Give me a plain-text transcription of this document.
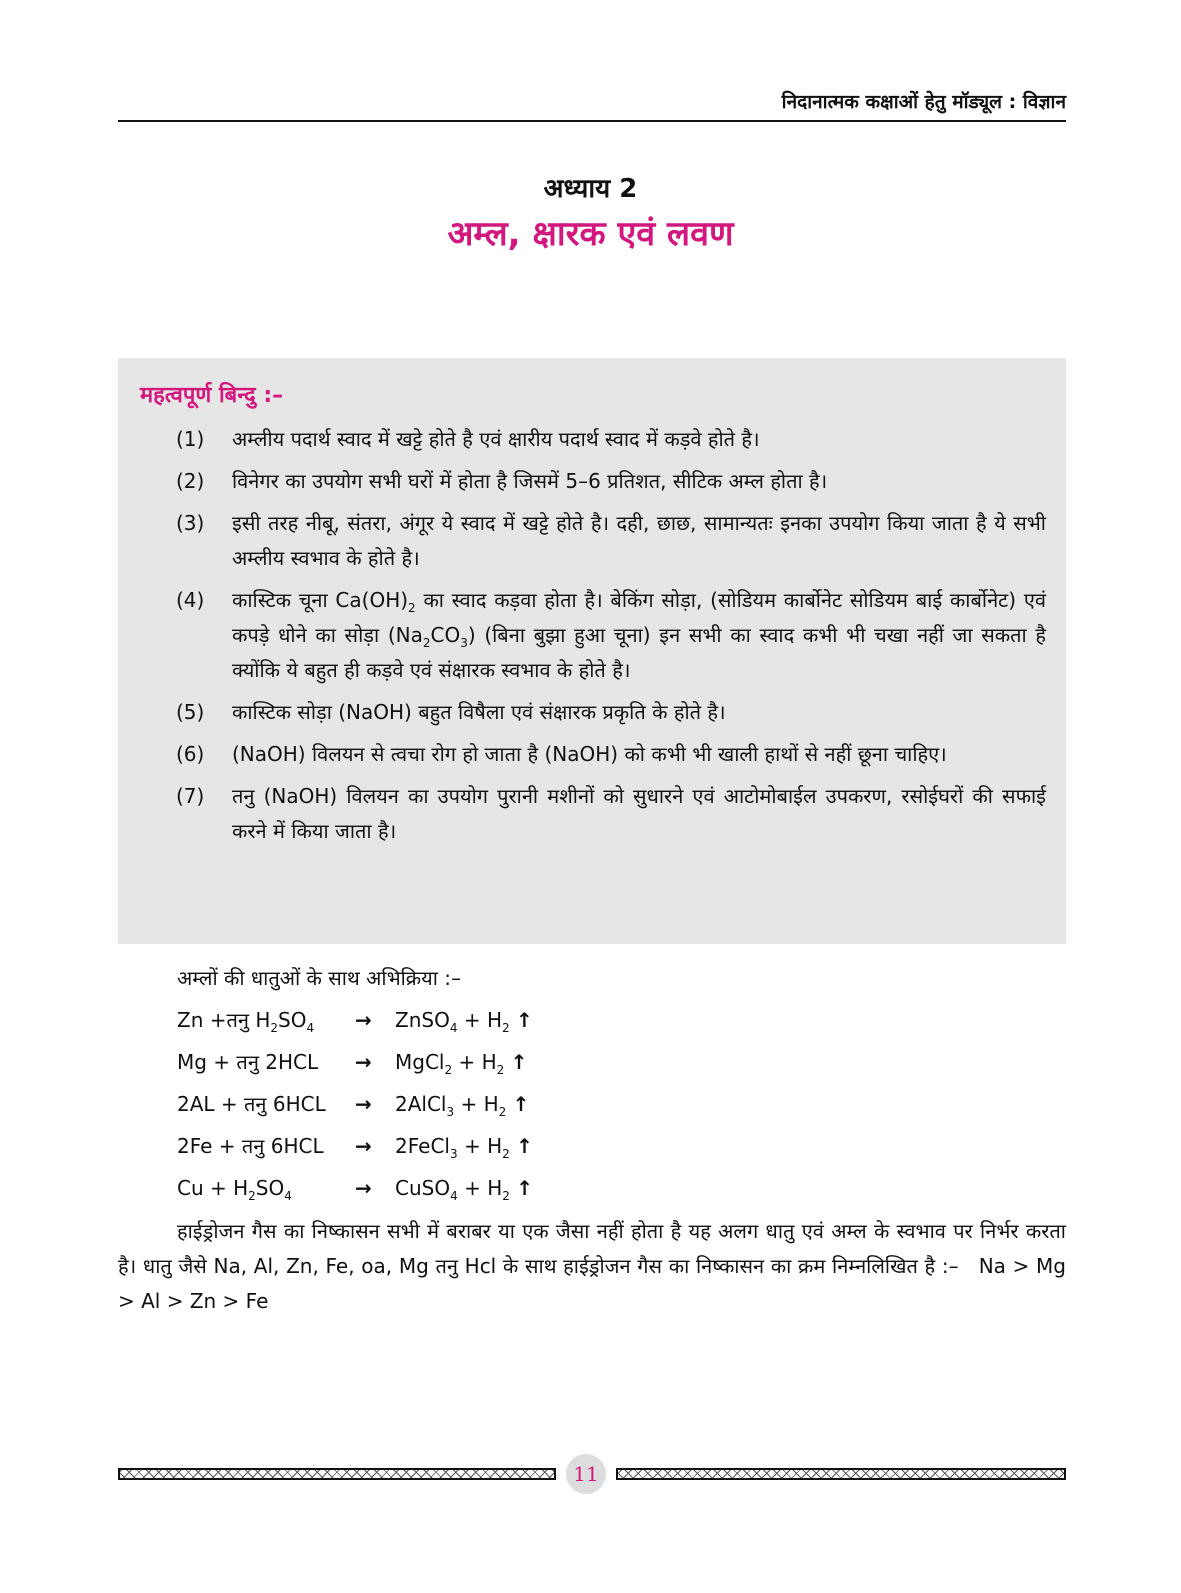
निदानात्मक कक्षाओं हेतु मॉड्यूल : विज्ञान
अध्याय 2
अम्ल, क्षारक एवं लवण
महत्वपूर्ण बिन्दु :–
(1)	अम्लीय पदार्थ स्वाद में खट्टे होते है एवं क्षारीय पदार्थ स्वाद में कड़वे होते है।
(2)	विनेगर का उपयोग सभी घरों में होता है जिसमें 5–6 प्रतिशत, सीटिक अम्ल होता है।
(3)	इसी तरह नीबू, संतरा, अंगूर ये स्वाद में खट्टे होते है। दही, छाछ, सामान्यतः इनका उपयोग किया जाता है ये सभी अम्लीय स्वभाव के होते है।
(4)	कास्टिक चूना $Ca(OH)_2$ का स्वाद कड़वा होता है। बेकिंग सोड़ा, (सोडियम कार्बोनेट सोडियम बाई कार्बोनेट) एवं कपड़े धोने का सोड़ा $(Na_2CO_3)$ (बिना बुझा हुआ चूना) इन सभी का स्वाद कभी भी चखा नहीं जा सकता है क्योंकि ये बहुत ही कड़वे एवं संक्षारक स्वभाव के होते है।
(5)	कास्टिक सोड़ा (NaOH) बहुत विषैला एवं संक्षारक प्रकृति के होते है।
(6)	(NaOH) विलयन से त्वचा रोग हो जाता है (NaOH) को कभी भी खाली हाथों से नहीं छूना चाहिए।
(7)	तनु (NaOH) विलयन का उपयोग पुरानी मशीनों को सुधारने एवं आटोमोबाईल उपकरण, रसोईघरों की सफाई करने में किया जाता है।
अम्लों की धातुओं के साथ अभिक्रिया :–
Zn +तनु $H_2SO_4$ → ZnSO$_4$ + $H_2$ ↑
Mg + तनु 2HCL → MgCl$_2$ + $H_2$ ↑
2AL + तनु 6HCL → 2AlCl$_3$ + $H_2$ ↑
2Fe + तनु 6HCL → 2FeCl$_3$ + $H_2$ ↑
$Cu + H_2SO_4$	→ CuSO$_4$ + $H_2$ ↑
हाईड्रोजन गैस का निष्कासन सभी में बराबर या एक जैसा नहीं होता है यह अलग धातु एवं अम्ल के स्वभाव पर निर्भर करता है। धातु जैसे Na, Al, Zn, Fe, oa, Mg तनु Hcl के साथ हाईड्रोजन गैस का निष्कासन का क्रम निम्नलिखित है :– Na > Mg > Al > Zn > Fe
11
